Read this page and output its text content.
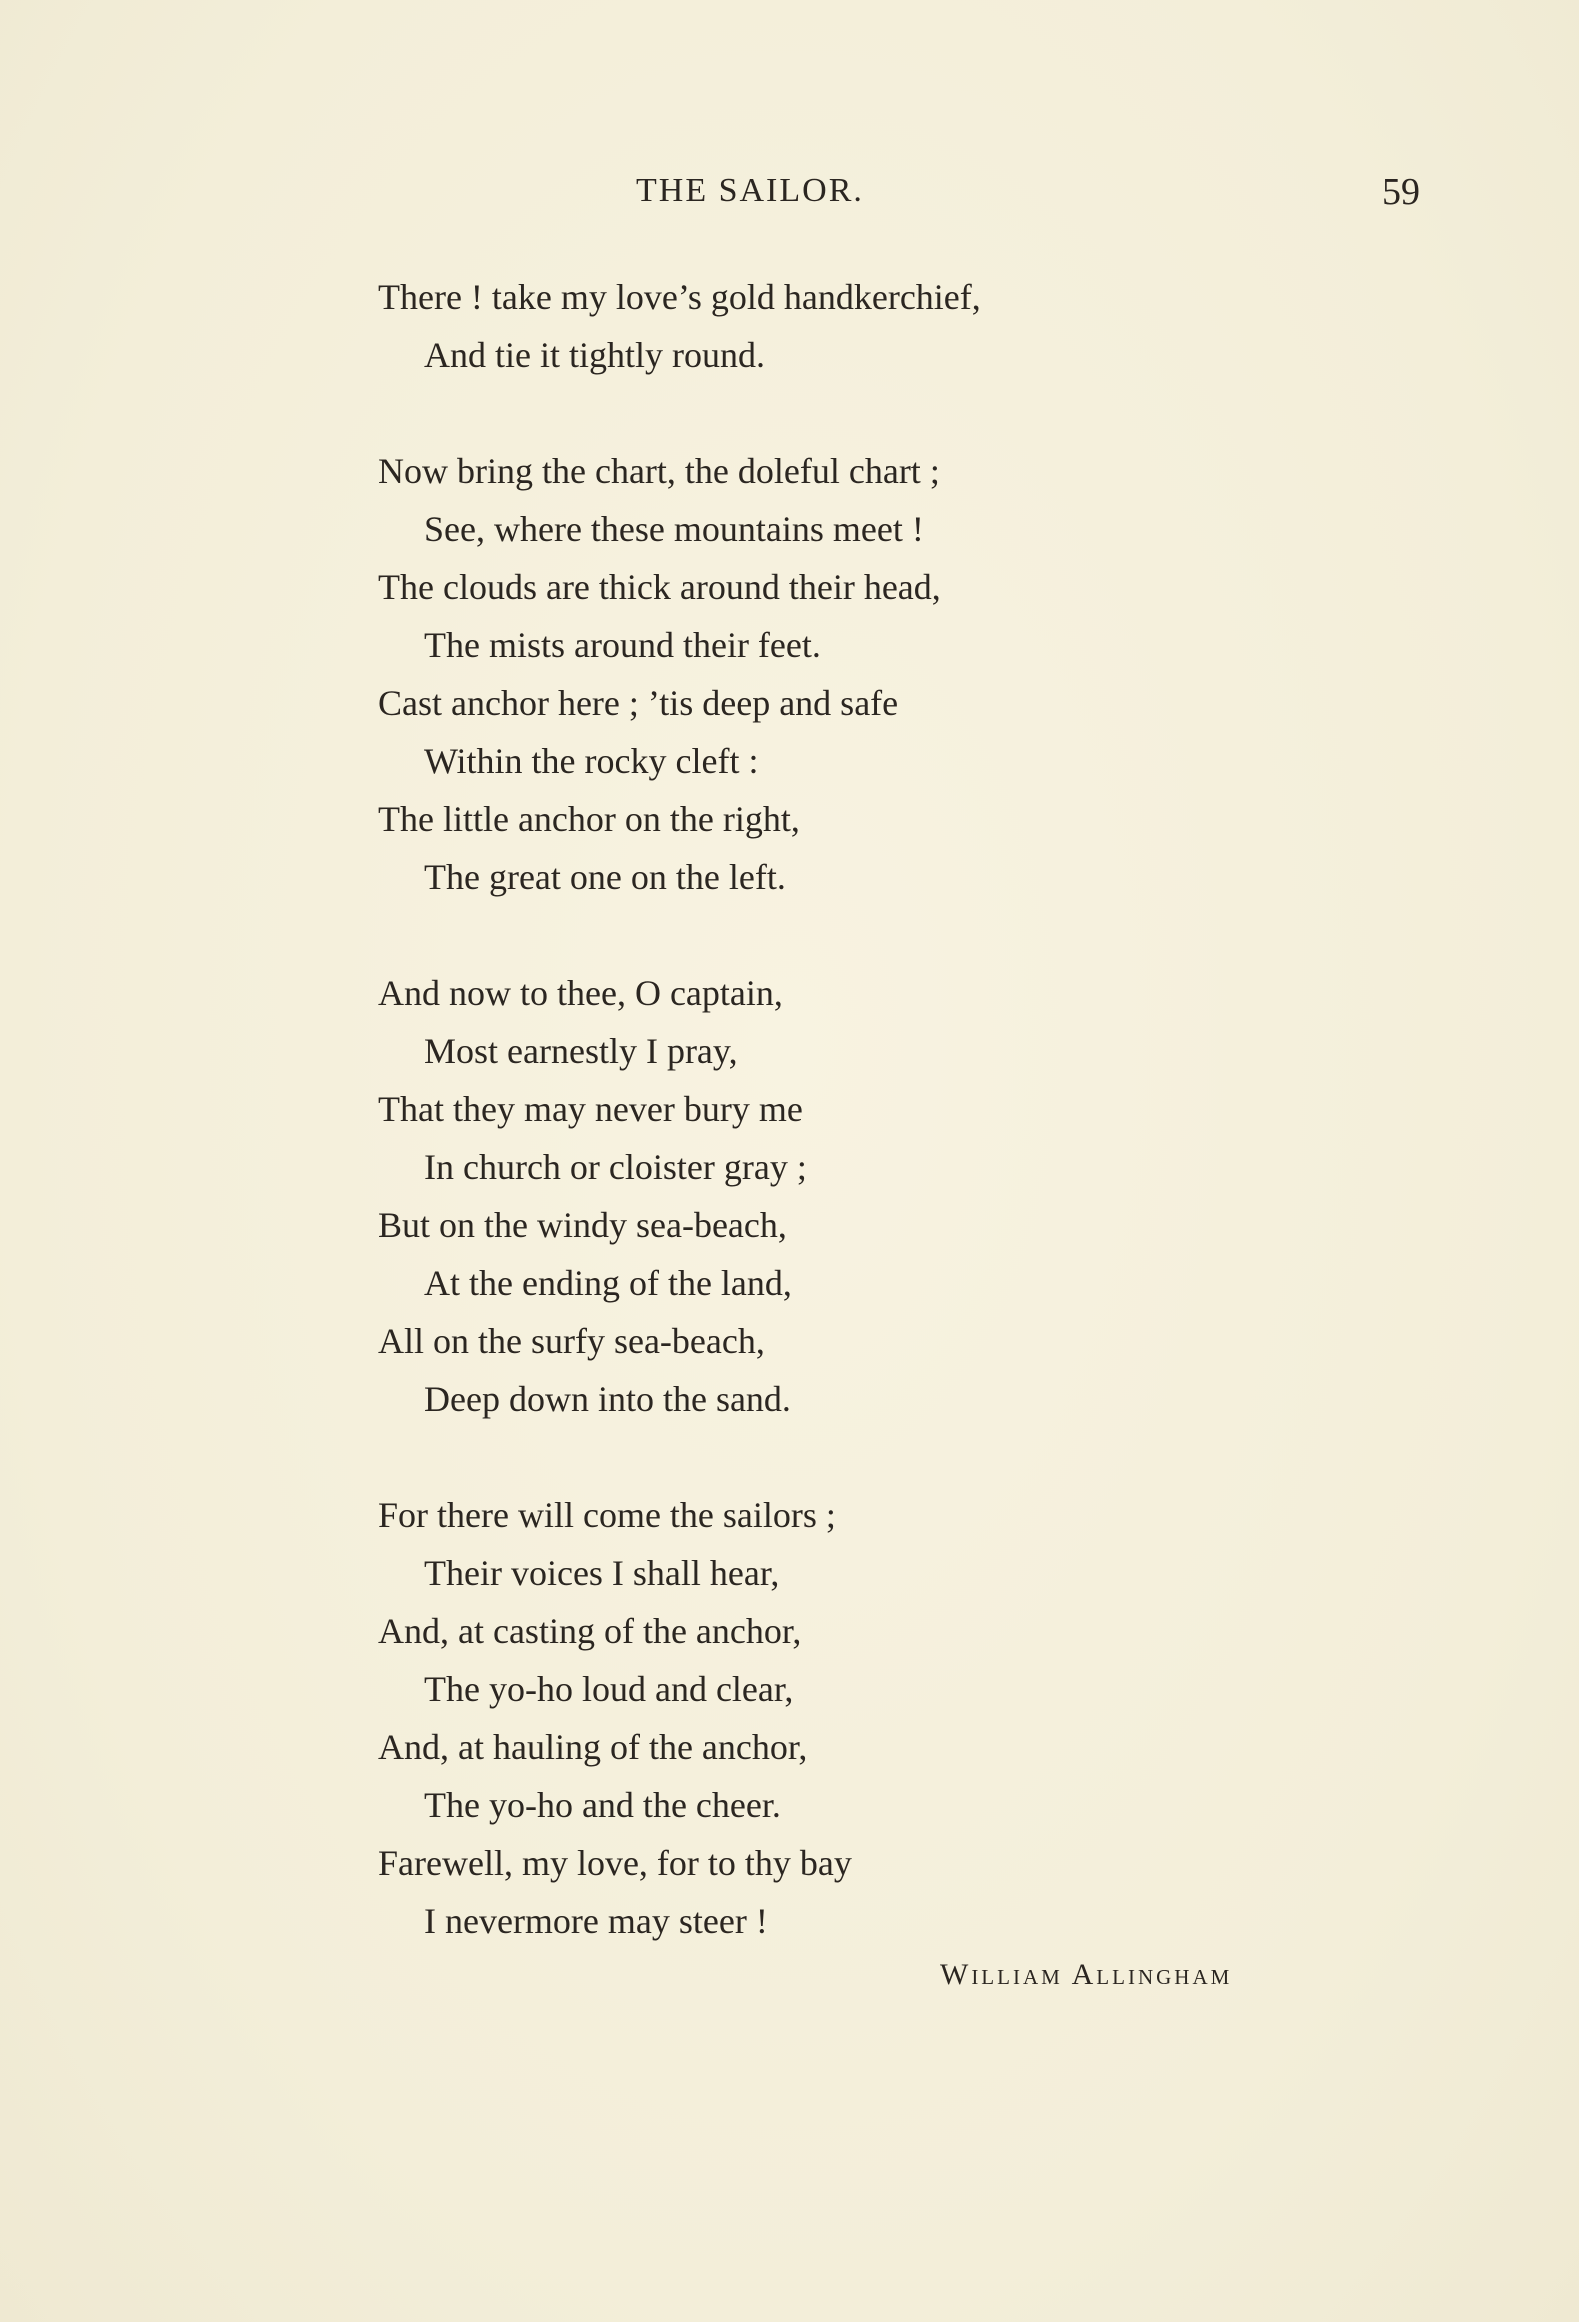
THE SAILOR.	59
There ! take my love’s gold handkerchief,
And tie it tightly round.
Now bring the chart, the doleful chart ;
See, where these mountains meet !
The clouds are thick around their head,
The mists around their feet.
Cast anchor here ; ’tis deep and safe
Within the rocky cleft :
The little anchor on the right,
The great one on the left.
And now to thee, O captain,
Most earnestly I pray,
That they may never bury me
In church or cloister gray ;
But on the windy sea-beach,
At the ending of the land,
All on the surfy sea-beach,
Deep down into the sand.
For there will come the sailors ;
Their voices I shall hear,
And, at casting of the anchor,
The yo-ho loud and clear,
And, at hauling of the anchor,
The yo-ho and the cheer.
Farewell, my love, for to thy bay
I nevermore may steer !
William Allingham
